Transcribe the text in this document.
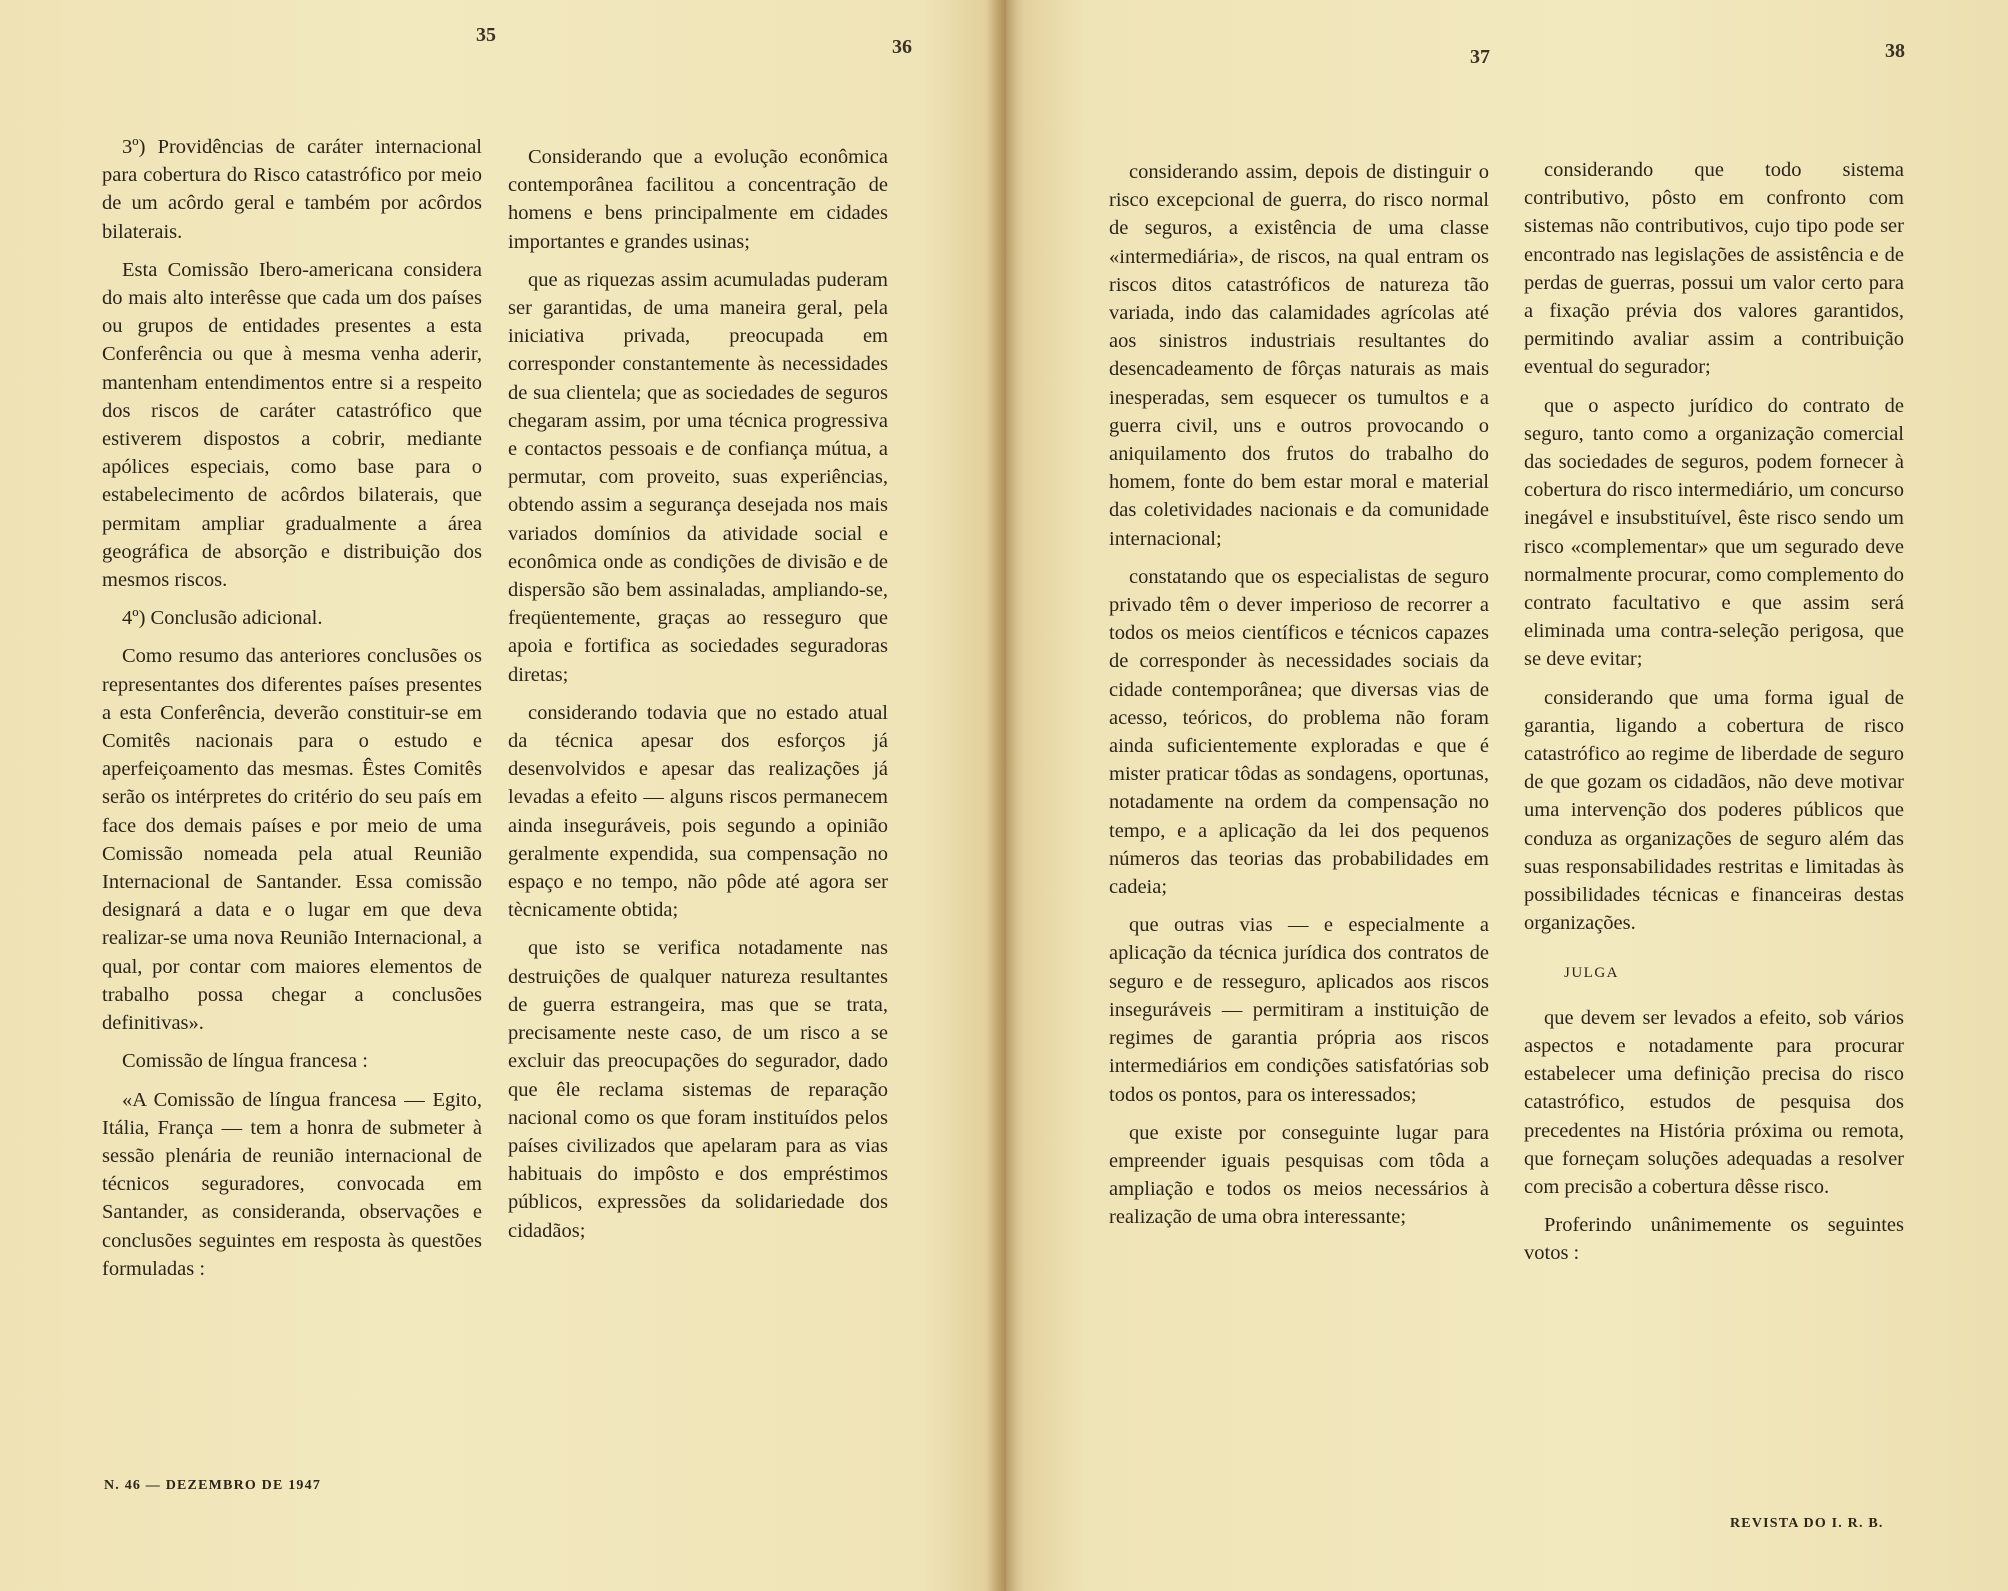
35
36	37	38

3º) Providências de caráter internacional para cobertura do Risco catastrófico por meio de um acôrdo geral e também por acôrdos bilaterais.

Esta Comissão Ibero-americana considera do mais alto interêsse que cada um dos países ou grupos de entidades presentes a esta Conferência ou que à mesma venha aderir, mantenham entendimentos entre si a respeito dos riscos de caráter catastrófico que estiverem dispostos a cobrir, mediante apólices especiais, como base para o estabelecimento de acôrdos bilaterais, que permitam ampliar gradualmente a área geográfica de absorção e distribuição dos mesmos riscos.

4º) Conclusão adicional.

Como resumo das anteriores conclusões os representantes dos diferentes países presentes a esta Conferência, deverão constituir-se em Comitês nacionais para o estudo e aperfeiçoamento das mesmas. Êstes Comitês serão os intérpretes do critério do seu país em face dos demais países e por meio de uma Comissão nomeada pela atual Reunião Internacional de Santander. Essa comissão designará a data e o lugar em que deva realizar-se uma nova Reunião Internacional, a qual, por contar com maiores elementos de trabalho possa chegar a conclusões definitivas».

Comissão de língua francesa :

«A Comissão de língua francesa — Egito, Itália, França — tem a honra de submeter à sessão plenária de reunião internacional de técnicos seguradores, convocada em Santander, as consideranda, observações e conclusões seguintes em resposta às questões formuladas :

Considerando que a evolução econômica contemporânea facilitou a concentração de homens e bens principalmente em cidades importantes e grandes usinas;

que as riquezas assim acumuladas puderam ser garantidas, de uma maneira geral, pela iniciativa privada, preocupada em corresponder constantemente às necessidades de sua clientela; que as sociedades de seguros chegaram assim, por uma técnica progressiva e contactos pessoais e de confiança mútua, a permutar, com proveito, suas experiências, obtendo assim a segurança desejada nos mais variados domínios da atividade social e econômica onde as condições de divisão e de dispersão são bem assinaladas, ampliando-se, freqüentemente, graças ao resseguro que apoia e fortifica as sociedades seguradoras diretas;

considerando todavia que no estado atual da técnica apesar dos esforços já desenvolvidos e apesar das realizações já levadas a efeito — alguns riscos permanecem ainda inseguráveis, pois segundo a opinião geralmente expendida, sua compensação no espaço e no tempo, não pôde até agora ser tècnicamente obtida;

que isto se verifica notadamente nas destruições de qualquer natureza resultantes de guerra estrangeira, mas que se trata, precisamente neste caso, de um risco a se excluir das preocupações do segurador, dado que êle reclama sistemas de reparação nacional como os que foram instituídos pelos países civilizados que apelaram para as vias habituais do impôsto e dos empréstimos públicos, expressões da solidariedade dos cidadãos;

considerando assim, depois de distinguir o risco excepcional de guerra, do risco normal de seguros, a existência de uma classe «intermediária», de riscos, na qual entram os riscos ditos catastróficos de natureza tão variada, indo das calamidades agrícolas até aos sinistros industriais resultantes do desencadeamento de fôrças naturais as mais inesperadas, sem esquecer os tumultos e a guerra civil, uns e outros provocando o aniquilamento dos frutos do trabalho do homem, fonte do bem estar moral e material das coletividades nacionais e da comunidade internacional;

constatando que os especialistas de seguro privado têm o dever imperioso de recorrer a todos os meios científicos e técnicos capazes de corresponder às necessidades sociais da cidade contemporânea; que diversas vias de acesso, teóricos, do problema não foram ainda suficientemente exploradas e que é mister praticar tôdas as sondagens, oportunas, notadamente na ordem da compensação no tempo, e a aplicação da lei dos pequenos números das teorias das probabilidades em cadeia;

que outras vias — e especialmente a aplicação da técnica jurídica dos contratos de seguro e de resseguro, aplicados aos riscos inseguráveis — permitiram a instituição de regimes de garantia própria aos riscos intermediários em condições satisfatórias sob todos os pontos, para os interessados;

que existe por conseguinte lugar para empreender iguais pesquisas com tôda a ampliação e todos os meios necessários à realização de uma obra interessante;

considerando que todo sistema contributivo, pôsto em confronto com sistemas não contributivos, cujo tipo pode ser encontrado nas legislações de assistência e de perdas de guerras, possui um valor certo para a fixação prévia dos valores garantidos, permitindo avaliar assim a contribuição eventual do segurador;

que o aspecto jurídico do contrato de seguro, tanto como a organização comercial das sociedades de seguros, podem fornecer à cobertura do risco intermediário, um concurso inegável e insubstituível, êste risco sendo um risco «complementar» que um segurado deve normalmente procurar, como complemento do contrato facultativo e que assim será eliminada uma contra-seleção perigosa, que se deve evitar;

considerando que uma forma igual de garantia, ligando a cobertura de risco catastrófico ao regime de liberdade de seguro de que gozam os cidadãos, não deve motivar uma intervenção dos poderes públicos que conduza as organizações de seguro além das suas responsabilidades restritas e limitadas às possibilidades técnicas e financeiras destas organizações.

JULGA

que devem ser levados a efeito, sob vários aspectos e notadamente para procurar estabelecer uma definição precisa do risco catastrófico, estudos de pesquisa dos precedentes na História próxima ou remota, que forneçam soluções adequadas a resolver com precisão a cobertura dêsse risco.

Proferindo unânimemente os seguintes votos :

N. 46 — DEZEMBRO DE 1947
REVISTA DO I. R. B.
